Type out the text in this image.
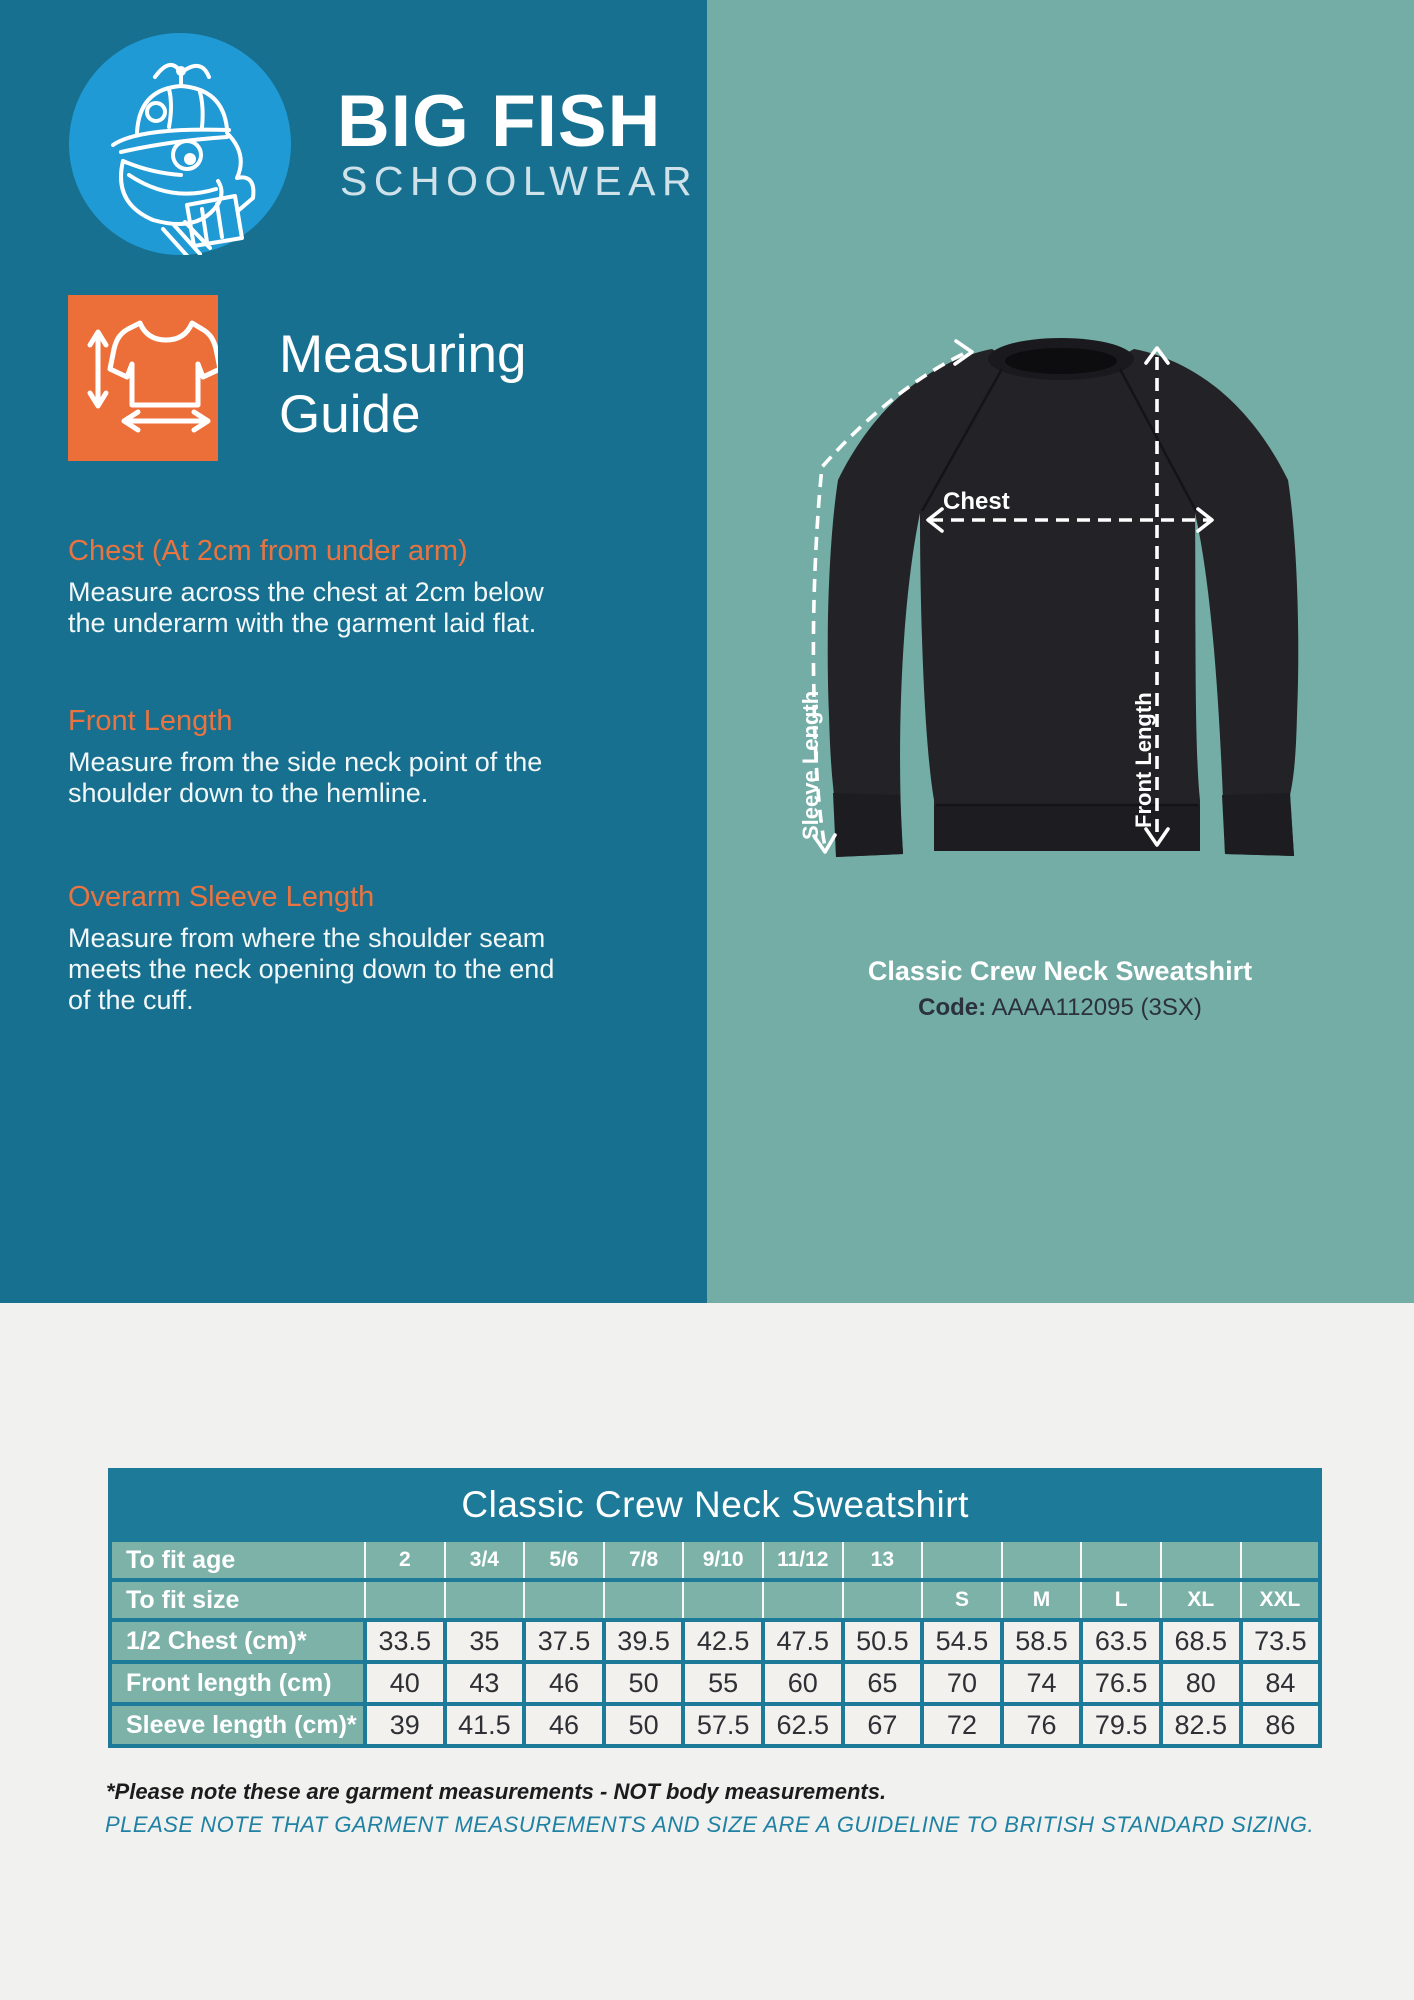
BIG FISH
SCHOOLWEAR
Measuring
Guide
Chest (At 2cm from under arm)
Measure across the chest at 2cm below
the underarm with the garment laid flat.
Front Length
Measure from the side neck point of the
shoulder down to the hemline.
Overarm Sleeve Length
Measure from where the shoulder seam
meets the neck opening down to the end
of the cuff.
Chest
Front Length
Sleeve Length
Classic Crew Neck Sweatshirt
Code: AAAA112095 (3SX)
Classic Crew Neck Sweatshirt												
To fit age	2	3/4	5/6	7/8	9/10	11/12	13					
To fit size								S	M	L	XL	XXL
1/2 Chest (cm)*	33.5	35	37.5	39.5	42.5	47.5	50.5	54.5	58.5	63.5	68.5	73.5
Front length (cm)	40	43	46	50	55	60	65	70	74	76.5	80	84
Sleeve length (cm)*	39	41.5	46	50	57.5	62.5	67	72	76	79.5	82.5	86
*Please note these are garment measurements - NOT body measurements.
PLEASE NOTE THAT GARMENT MEASUREMENTS AND SIZE ARE A GUIDELINE TO BRITISH STANDARD SIZING.
